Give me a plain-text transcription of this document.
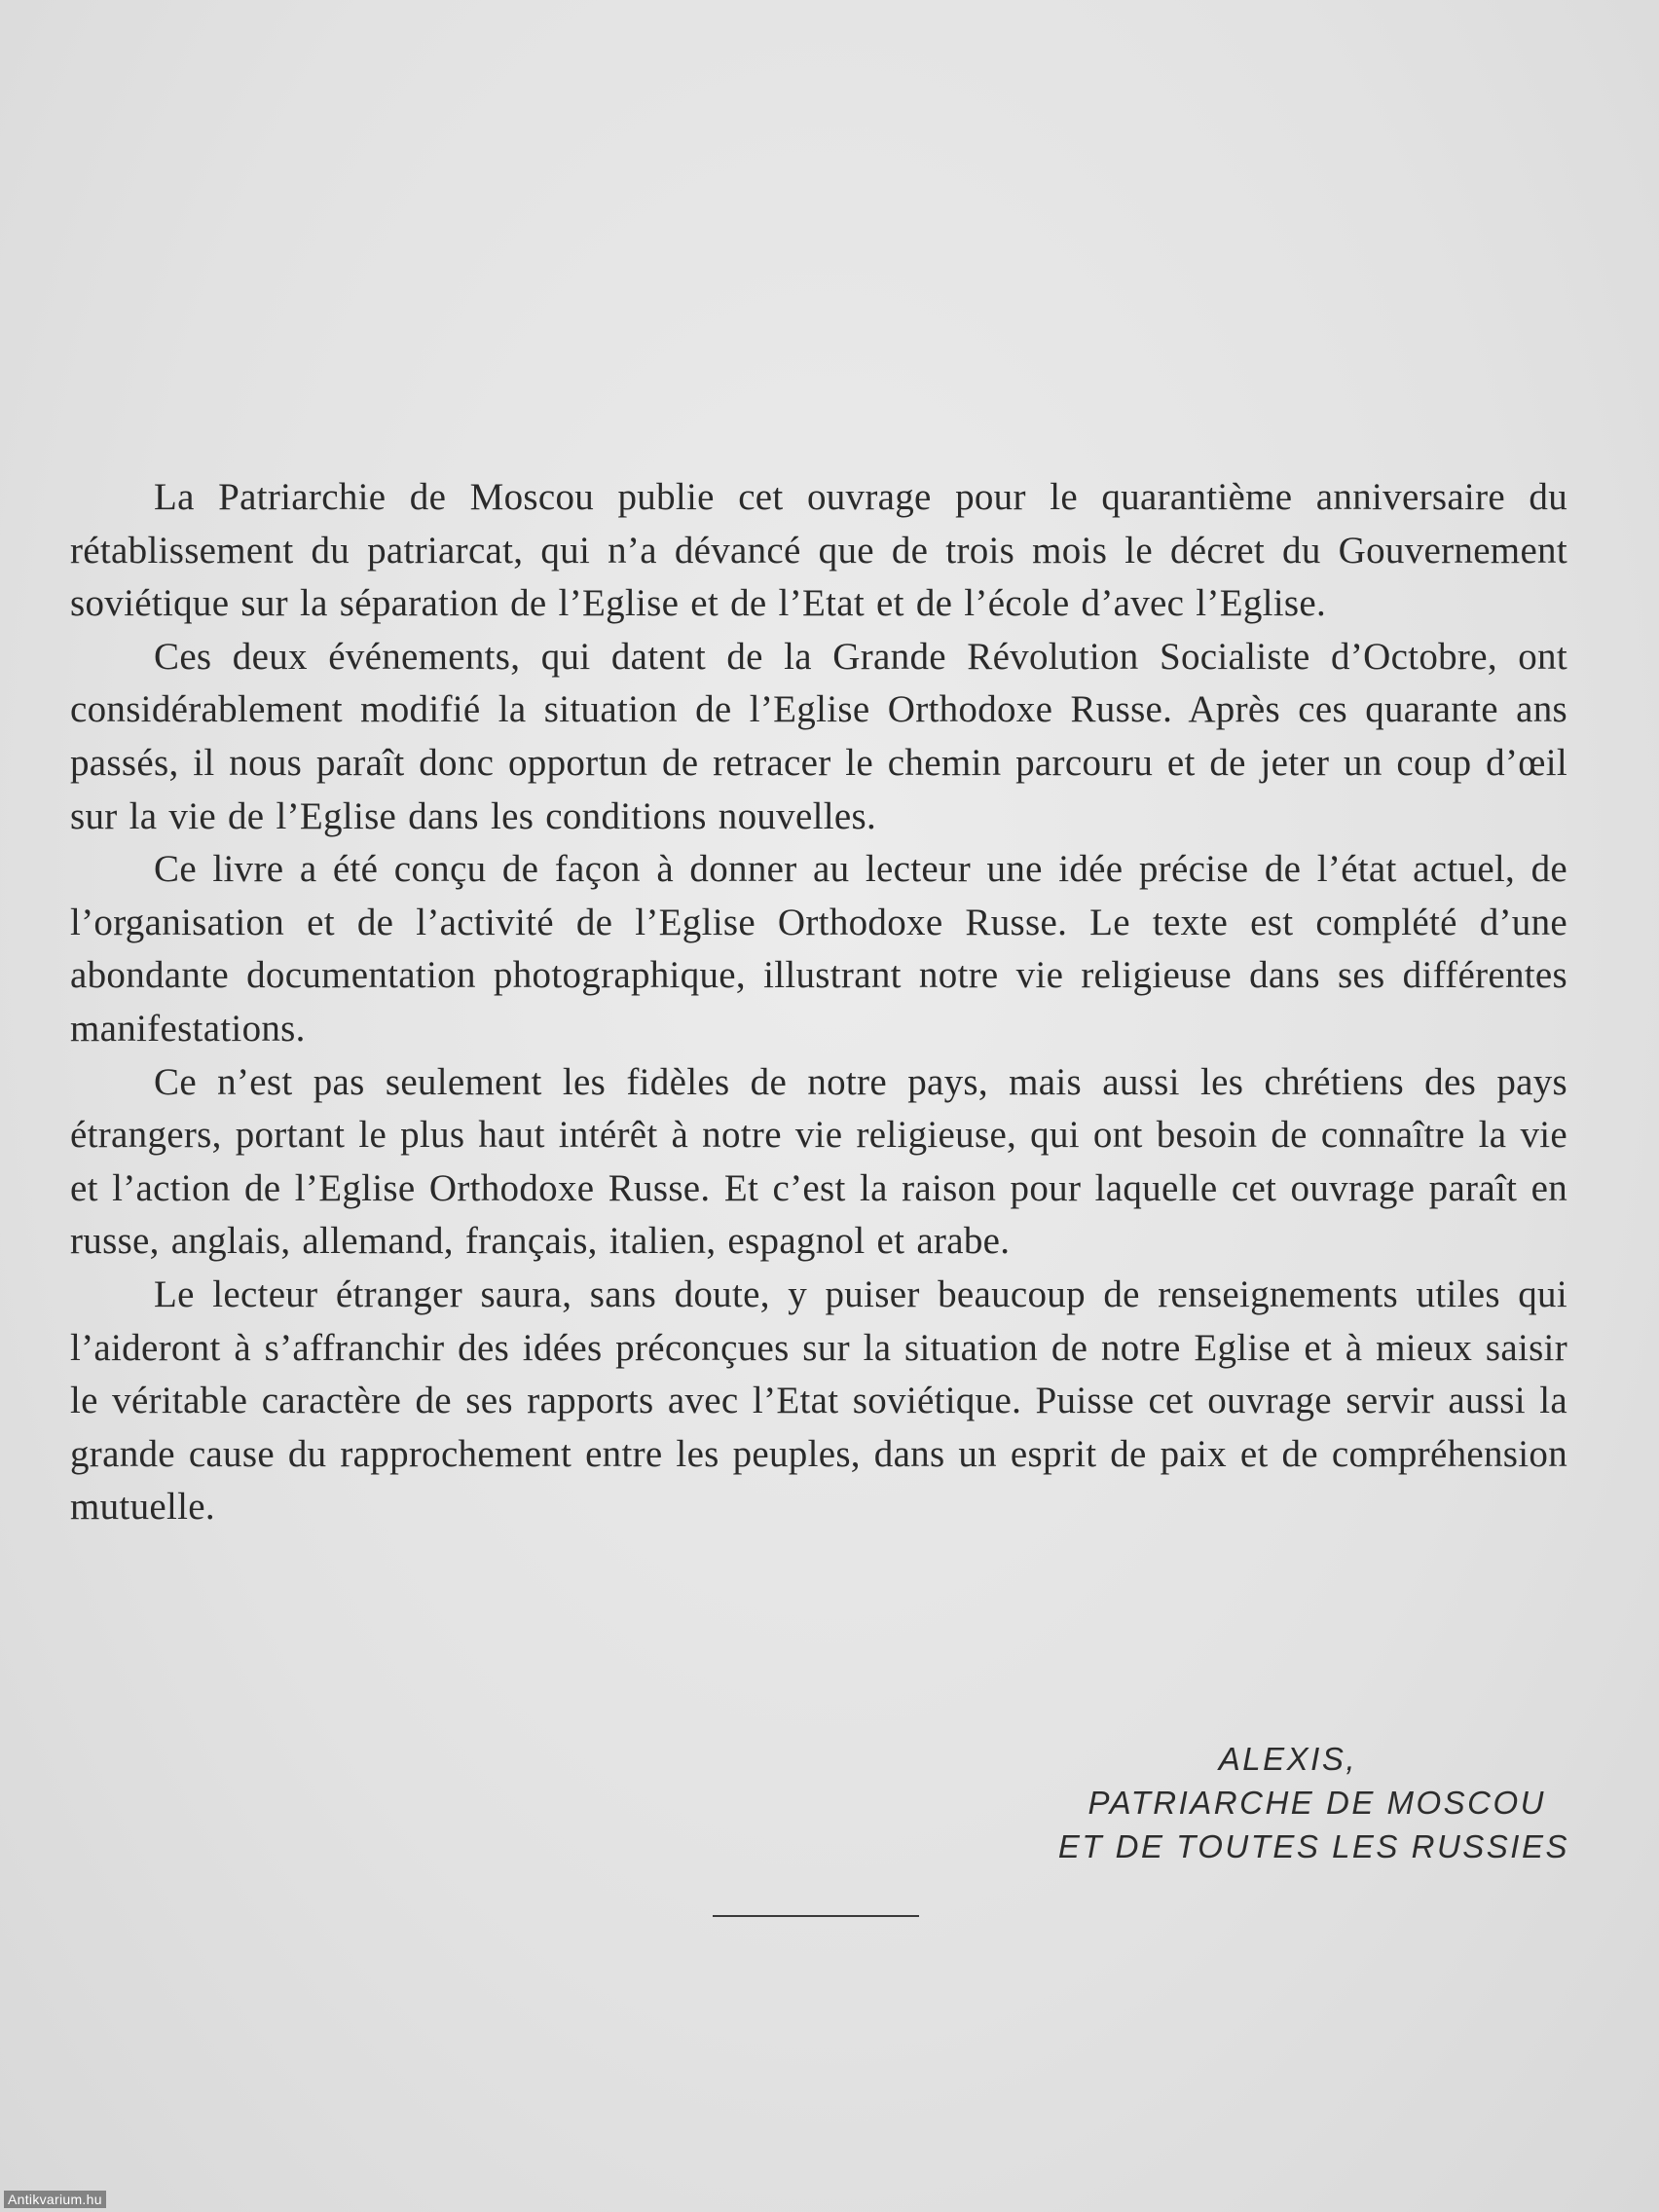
La Patriarchie de Moscou publie cet ouvrage pour le quarantième anniversaire du rétablissement du patriarcat, qui n’a dévancé que de trois mois le décret du Gouvernement soviétique sur la séparation de l’Eglise et de l’Etat et de l’école d’avec l’Eglise.

Ces deux événements, qui datent de la Grande Révolution Socialiste d’Octobre, ont considérablement modifié la situation de l’Eglise Orthodoxe Russe. Après ces quarante ans passés, il nous paraît donc opportun de retracer le chemin parcouru et de jeter un coup d’œil sur la vie de l’Eglise dans les conditions nouvelles.

Ce livre a été conçu de façon à donner au lecteur une idée précise de l’état actuel, de l’organisation et de l’activité de l’Eglise Orthodoxe Russe. Le texte est complété d’une abondante documentation photographique, illustrant notre vie religieuse dans ses différentes manifestations.

Ce n’est pas seulement les fidèles de notre pays, mais aussi les chrétiens des pays étrangers, portant le plus haut intérêt à notre vie religieuse, qui ont besoin de connaître la vie et l’action de l’Eglise Orthodoxe Russe. Et c’est la raison pour laquelle cet ouvrage paraît en russe, anglais, allemand, français, italien, espagnol et arabe.

Le lecteur étranger saura, sans doute, y puiser beaucoup de renseignements utiles qui l’aideront à s’affranchir des idées préconçues sur la situation de notre Eglise et à mieux saisir le véritable caractère de ses rapports avec l’Etat soviétique. Puisse cet ouvrage servir aussi la grande cause du rapprochement entre les peuples, dans un esprit de paix et de compréhension mutuelle.

ALEXIS,
PATRIARCHE DE MOSCOU
ET DE TOUTES LES RUSSIES
Antikvarium.hu
